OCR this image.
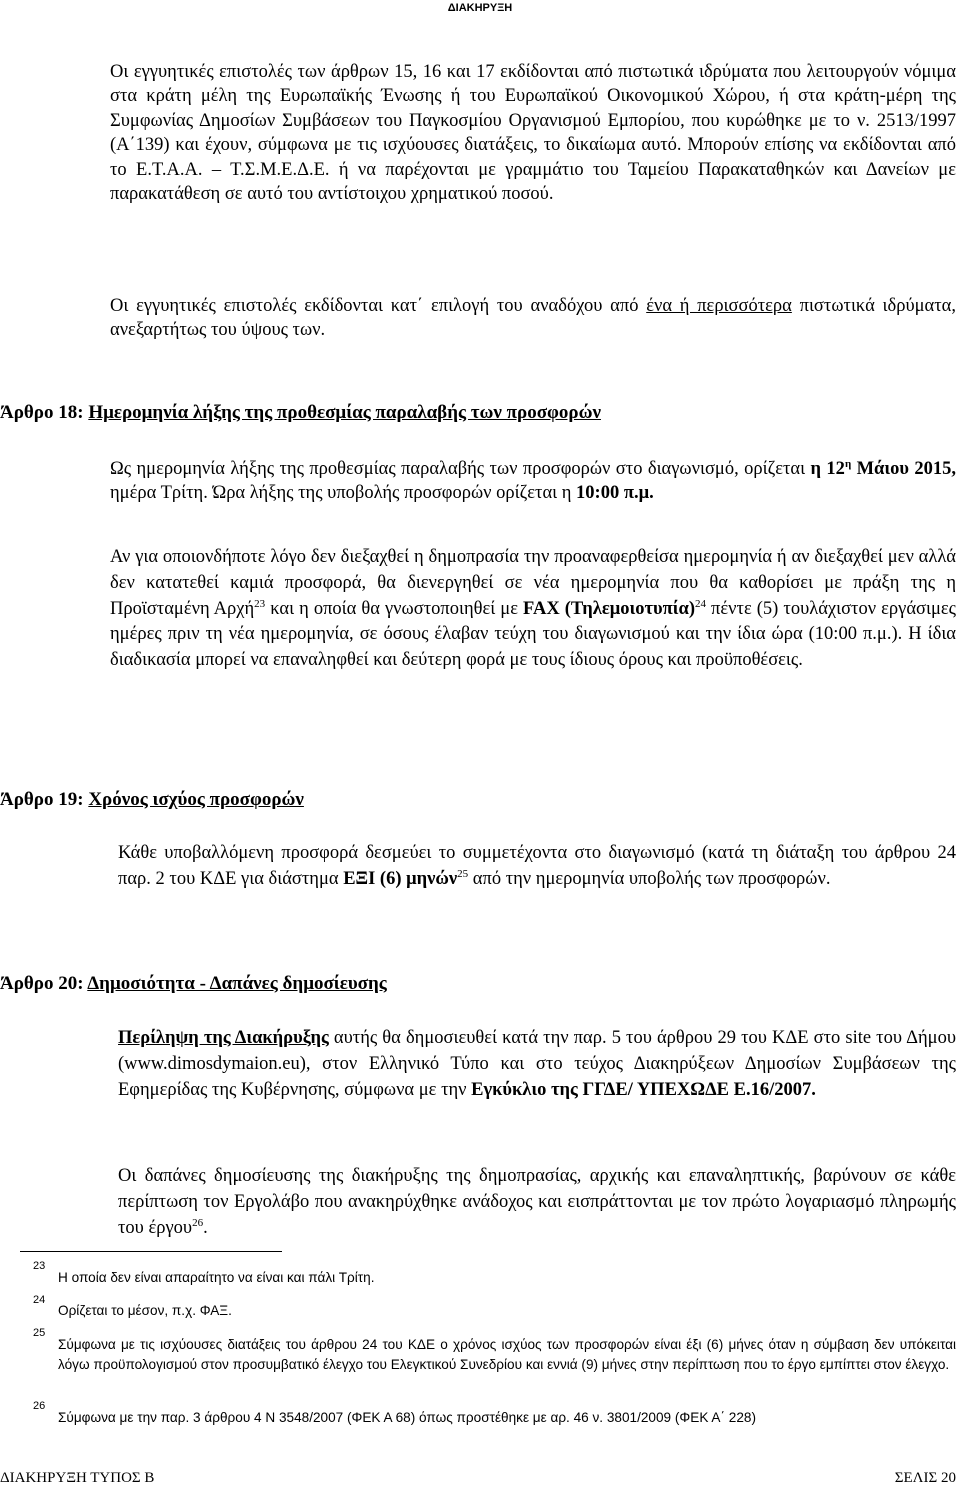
ΔΙΑΚΗΡΥΞΗ

Οι εγγυητικές επιστολές των άρθρων 15, 16 και 17 εκδίδονται από πιστωτικά ιδρύματα που λειτουργούν νόμιμα στα κράτη μέλη της Ευρωπαϊκής Ένωσης ή του Ευρωπαϊκού Οικονομικού Χώρου, ή στα κράτη-μέρη της Συμφωνίας Δημοσίων Συμβάσεων του Παγκοσμίου Οργανισμού Εμπορίου, που κυρώθηκε με το ν. 2513/1997 (Α΄139) και έχουν, σύμφωνα με τις ισχύουσες διατάξεις, το δικαίωμα αυτό. Μπορούν επίσης να εκδίδονται από το Ε.Τ.Α.Α. – Τ.Σ.Μ.Ε.Δ.Ε. ή να παρέχονται με γραμμάτιο του Ταμείου Παρακαταθηκών και Δανείων με παρακατάθεση σε αυτό του αντίστοιχου χρηματικού ποσού.

Οι εγγυητικές επιστολές εκδίδονται κατ΄ επιλογή του αναδόχου από ένα ή περισσότερα πιστωτικά ιδρύματα, ανεξαρτήτως του ύψους των.

Άρθρο 18: Ημερομηνία λήξης της προθεσμίας παραλαβής των προσφορών

Ως ημερομηνία λήξης της προθεσμίας παραλαβής των προσφορών στο διαγωνισμό, ορίζεται η $12^\eta$ Μάιου 2015, ημέρα Τρίτη. Ώρα λήξης της υποβολής προσφορών ορίζεται η 10:00 π.μ.

Αν για οποιονδήποτε λόγο δεν διεξαχθεί η δημοπρασία την προαναφερθείσα ημερομηνία ή αν διεξαχθεί μεν αλλά δεν κατατεθεί καμιά προσφορά, θα διενεργηθεί σε νέα ημερομηνία που θα καθορίσει με πράξη της η Προϊσταμένη Αρχή$^{23}$ και η οποία θα γνωστοποιηθεί με FAX $(T\eta\lambda\varepsilon\mu o\iota o\tau\upsilon\pi ί\alpha)^{24}$ πέντε (5) τουλάχιστον εργάσιμες ημέρες πριν τη νέα ημερομηνία, σε όσους έλαβαν τεύχη του διαγωνισμού και την ίδια ώρα (10:00 π.μ.). Η ίδια διαδικασία μπορεί να επαναληφθεί και δεύτερη φορά με τους ίδιους όρους και προϋποθέσεις.

Άρθρο 19: Χρόνος ισχύος προσφορών

Κάθε υποβαλλόμενη προσφορά δεσμεύει το συμμετέχοντα στο διαγωνισμό (κατά τη διάταξη του άρθρου 24 παρ. 2 του ΚΔΕ για διάστημα ΕΞΙ (6) μηνών$^{25}$ από την ημερομηνία υποβολής των προσφορών.

Άρθρο 20: Δημοσιότητα - Δαπάνες δημοσίευσης

Περίληψη της Διακήρυξης αυτής θα δημοσιευθεί κατά την παρ. 5 του άρθρου 29 του ΚΔΕ στο site του Δήμου (www.dimosdymaion.eu), στον Ελληνικό Τύπο και στο τεύχος Διακηρύξεων Δημοσίων Συμβάσεων της Εφημερίδας της Κυβέρνησης, σύμφωνα με την Εγκύκλιο της ΓΓΔΕ/ ΥΠΕΧΩΔΕ Ε.16/2007.

Οι δαπάνες δημοσίευσης της διακήρυξης της δημοπρασίας, αρχικής και επαναληπτικής, βαρύνουν σε κάθε περίπτωση τον Εργολάβο που ανακηρύχθηκε ανάδοχος και εισπράττονται με τον πρώτο λογαριασμό πληρωμής του έργου$^{26}$.

23

Η οποία δεν είναι απαραίτητο να είναι και πάλι Τρίτη.

24

Ορίζεται το μέσον, π.χ. ΦΑΞ.

25

Σύμφωνα με τις ισχύουσες διατάξεις του άρθρου 24 του ΚΔΕ ο χρόνος ισχύος των προσφορών είναι έξι (6) μήνες όταν η σύμβαση δεν υπόκειται λόγω προϋπολογισμού στον προσυμβατικό έλεγχο του Ελεγκτικού Συνεδρίου και εννιά (9) μήνες στην περίπτωση που το έργο εμπίπτει στον έλεγχο.

26

Σύμφωνα με την παρ. 3 άρθρου 4 Ν 3548/2007 (ΦΕΚ Α 68) όπως προστέθηκε με αρ. 46 ν. 3801/2009 (ΦΕΚ Α΄ 228)

ΔΙΑΚΗΡΥΞΗ ΤΥΠΟΣ Β	ΣΕΛΙΣ 20
